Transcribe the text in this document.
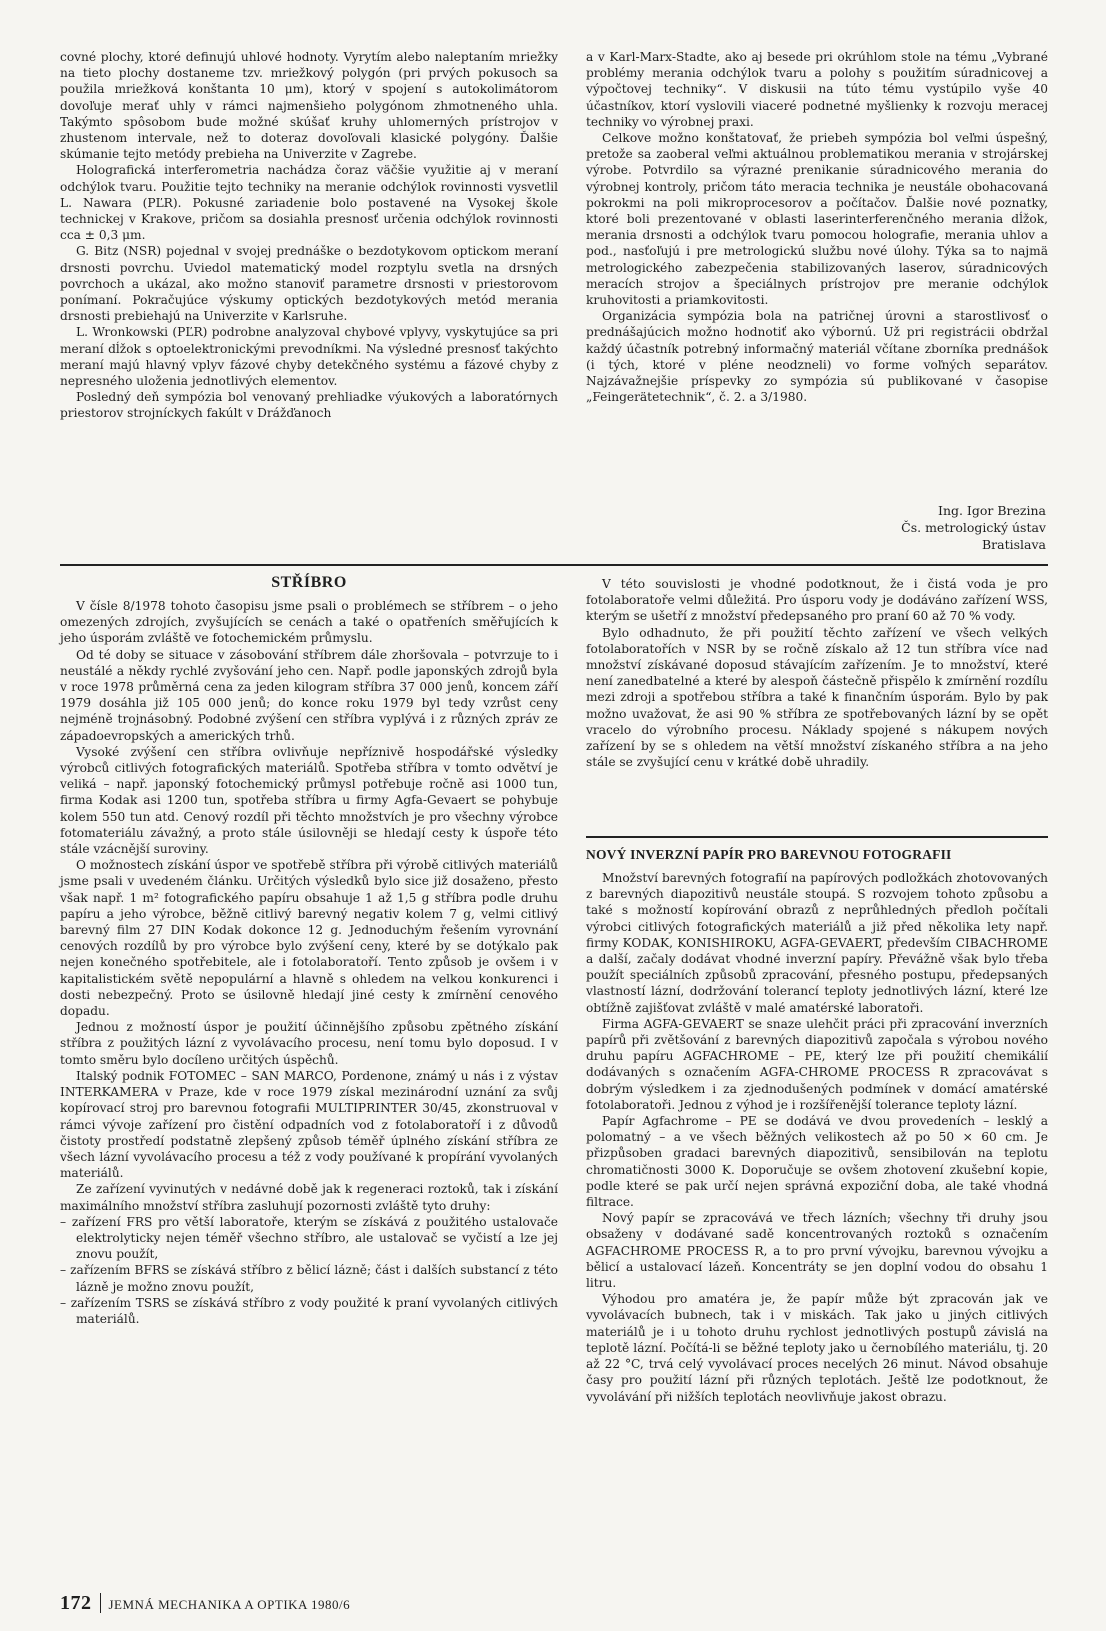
covné plochy, ktoré definujú uhlové hodnoty. Vyrytím alebo naleptaním mriežky na tieto plochy dostaneme tzv. mriežkový polygón (pri prvých pokusoch sa použila mriežková konštanta 10 μm), ktorý v spojení s autokolimátorom dovoľuje merať uhly v rámci najmenšieho polygónom zhmotneného uhla. Takýmto spôsobom bude možné skúšať kruhy uhlomerných prístrojov v zhustenom intervale, než to doteraz dovoľovali klasické polygóny. Ďalšie skúmanie tejto metódy prebieha na Univerzite v Zagrebe.

Holografická interferometria nachádza čoraz väčšie využitie aj v meraní odchýlok tvaru. Použitie tejto techniky na meranie odchýlok rovinnosti vysvetlil L. Nawara (PĽR). Pokusné zariadenie bolo postavené na Vysokej škole technickej v Krakove, pričom sa dosiahla presnosť určenia odchýlok rovinnosti cca ± 0,3 μm.

G. Bitz (NSR) pojednal v svojej prednáške o bezdotykovom optickom meraní drsnosti povrchu. Uviedol matematický model rozptylu svetla na drsných povrchoch a ukázal, ako možno stanoviť parametre drsnosti v priestorovom ponímaní. Pokračujúce výskumy optických bezdotykových metód merania drsnosti prebiehajú na Univerzite v Karlsruhe.

L. Wronkowski (PĽR) podrobne analyzoval chybové vplyvy, vyskytujúce sa pri meraní dĺžok s optoelektronickými prevodníkmi. Na výsledné presnosť takýchto meraní majú hlavný vplyv fázové chyby detekčného systému a fázové chyby z nepresného uloženia jednotlivých elementov.

Posledný deň sympózia bol venovaný prehliadke výukových a laboratórnych priestorov strojníckych fakúlt v Drážďanoch

a v Karl-Marx-Stadte, ako aj besede pri okrúhlom stole na tému „Vybrané problémy merania odchýlok tvaru a polohy s použitím súradnicovej a výpočtovej techniky“. V diskusii na túto tému vystúpilo vyše 40 účastníkov, ktorí vyslovili viaceré podnetné myšlienky k rozvoju meracej techniky vo výrobnej praxi.

Celkove možno konštatovať, že priebeh sympózia bol veľmi úspešný, pretože sa zaoberal veľmi aktuálnou problematikou merania v strojárskej výrobe. Potvrdilo sa výrazné prenikanie súradnicového merania do výrobnej kontroly, pričom táto meracia technika je neustále obohacovaná pokrokmi na poli mikroprocesorov a počítačov. Ďalšie nové poznatky, ktoré boli prezentované v oblasti laserinterferenčného merania dĺžok, merania drsnosti a odchýlok tvaru pomocou holografie, merania uhlov a pod., nasťoľujú i pre metrologickú službu nové úlohy. Týka sa to najmä metrologického zabezpečenia stabilizovaných laserov, súradnicových meracích strojov a špeciálnych prístrojov pre meranie odchýlok kruhovitosti a priamkovitosti.

Organizácia sympózia bola na patričnej úrovni a starostlivosť o prednášajúcich možno hodnotiť ako výbornú. Už pri registrácii obdržal každý účastník potrebný informačný materiál včítane zborníka prednášok (i tých, ktoré v pléne neodzneli) vo forme voľných separátov. Najzávažnejšie príspevky zo sympózia sú publikované v časopise „Feingerätetechnik“, č. 2. a 3/1980.

Ing. Igor Brezina
Čs. metrologický ústav
Bratislava
STŘÍBRO

V čísle 8/1978 tohoto časopisu jsme psali o problémech se stříbrem – o jeho omezených zdrojích, zvyšujících se cenách a také o opatřeních směřujících k jeho úsporám zvláště ve fotochemickém průmyslu.

Od té doby se situace v zásobování stříbrem dále zhoršovala – potvrzuje to i neustálé a někdy rychlé zvyšování jeho cen. Např. podle japonských zdrojů byla v roce 1978 průměrná cena za jeden kilogram stříbra 37 000 jenů, koncem září 1979 dosáhla již 105 000 jenů; do konce roku 1979 byl tedy vzrůst ceny nejméně trojnásobný. Podobné zvýšení cen stříbra vyplývá i z různých zpráv ze západoevropských a amerických trhů.

Vysoké zvýšení cen stříbra ovlivňuje nepříznivě hospodářské výsledky výrobců citlivých fotografických materiálů. Spotřeba stříbra v tomto odvětví je veliká – např. japonský fotochemický průmysl potřebuje ročně asi 1000 tun, firma Kodak asi 1200 tun, spotřeba stříbra u firmy Agfa-Gevaert se pohybuje kolem 550 tun atd. Cenový rozdíl při těchto množstvích je pro všechny výrobce fotomateriálu závažný, a proto stále úsilovněji se hledají cesty k úspoře této stále vzácnější suroviny.

O možnostech získání úspor ve spotřebě stříbra při výrobě citlivých materiálů jsme psali v uvedeném článku. Určitých výsledků bylo sice již dosaženo, přesto však např. 1 m² fotografického papíru obsahuje 1 až 1,5 g stříbra podle druhu papíru a jeho výrobce, běžně citlivý barevný negativ kolem 7 g, velmi citlivý barevný film 27 DIN Kodak dokonce 12 g. Jednoduchým řešením vyrovnání cenových rozdílů by pro výrobce bylo zvýšení ceny, které by se dotýkalo pak nejen konečného spotřebitele, ale i fotolaboratoří. Tento způsob je ovšem i v kapitalistickém světě nepopulární a hlavně s ohledem na velkou konkurenci i dosti nebezpečný. Proto se úsilovně hledají jiné cesty k zmírnění cenového dopadu.

Jednou z možností úspor je použití účinnějšího způsobu zpětného získání stříbra z použitých lázní z vyvolávacího procesu, není tomu bylo doposud. I v tomto směru bylo docíleno určitých úspěchů.

Italský podnik FOTOMEC – SAN MARCO, Pordenone, známý u nás i z výstav INTERKAMERA v Praze, kde v roce 1979 získal mezinárodní uznání za svůj kopírovací stroj pro barevnou fotografii MULTIPRINTER 30/45, zkonstruoval v rámci vývoje zařízení pro čistění odpadních vod z fotolaboratoří i z důvodů čistoty prostředí podstatně zlepšený způsob téměř úplného získání stříbra ze všech lázní vyvolávacího procesu a též z vody používané k propírání vyvolaných materiálů.

Ze zařízení vyvinutých v nedávné době jak k regeneraci roztoků, tak i získání maximálního množství stříbra zasluhují pozornosti zvláště tyto druhy:

– zařízení FRS pro větší laboratoře, kterým se získává z použitého ustalovače elektrolyticky nejen téměř všechno stříbro, ale ustalovač se vyčistí a lze jej znovu použít,
– zařízením BFRS se získává stříbro z bělicí lázně; část i dalších substancí z této lázně je možno znovu použít,
– zařízením TSRS se získává stříbro z vody použité k praní vyvolaných citlivých materiálů.

V této souvislosti je vhodné podotknout, že i čistá voda je pro fotolaboratoře velmi důležitá. Pro úsporu vody je dodáváno zařízení WSS, kterým se ušetří z množství předepsaného pro praní 60 až 70 % vody.

Bylo odhadnuto, že při použití těchto zařízení ve všech velkých fotolaboratořích v NSR by se ročně získalo až 12 tun stříbra více nad množství získávané doposud stávajícím zařízením. Je to množství, které není zanedbatelné a které by alespoň částečně přispělo k zmírnění rozdílu mezi zdroji a spotřebou stříbra a také k finančním úsporám. Bylo by pak možno uvažovat, že asi 90 % stříbra ze spotřebovaných lázní by se opět vracelo do výrobního procesu. Náklady spojené s nákupem nových zařízení by se s ohledem na větší množství získaného stříbra a na jeho stále se zvyšující cenu v krátké době uhradily.

NOVÝ INVERZNÍ PAPÍR PRO BAREVNOU FOTOGRAFII

Množství barevných fotografií na papírových podložkách zhotovovaných z barevných diapozitivů neustále stoupá. S rozvojem tohoto způsobu a také s možností kopírování obrazů z neprůhledných předloh počítali výrobci citlivých fotografických materiálů a již před několika lety např. firmy KODAK, KONISHIROKU, AGFA-GEVAERT, především CIBACHROME a další, začaly dodávat vhodné inverzní papíry. Převážně však bylo třeba použít speciálních způsobů zpracování, přesného postupu, předepsaných vlastností lázní, dodržování tolerancí teploty jednotlivých lázní, které lze obtížně zajišťovat zvláště v malé amatérské laboratoři.

Firma AGFA-GEVAERT se snaze ulehčit práci při zpracování inverzních papírů při zvětšování z barevných diapozitivů započala s výrobou nového druhu papíru AGFACHROME – PE, který lze při použití chemikálií dodávaných s označením AGFA-CHROME PROCESS R zpracovávat s dobrým výsledkem i za zjednodušených podmínek v domácí amatérské fotolaboratoři. Jednou z výhod je i rozšířenější tolerance teploty lázní.

Papír Agfachrome – PE se dodává ve dvou provedeních – lesklý a polomatný – a ve všech běžných velikostech až po 50 × 60 cm. Je přizpůsoben gradaci barevných diapozitivů, sensibilován na teplotu chromatičnosti 3000 K. Doporučuje se ovšem zhotovení zkušební kopie, podle které se pak určí nejen správná expoziční doba, ale také vhodná filtrace.

Nový papír se zpracovává ve třech lázních; všechny tři druhy jsou obsaženy v dodávané sadě koncentrovaných roztoků s označením AGFACHROME PROCESS R, a to pro první vývojku, barevnou vývojku a bělicí a ustalovací lázeň. Koncentráty se jen doplní vodou do obsahu 1 litru.

Výhodou pro amatéra je, že papír může být zpracován jak ve vyvolávacích bubnech, tak i v miskách. Tak jako u jiných citlivých materiálů je i u tohoto druhu rychlost jednotlivých postupů závislá na teplotě lázní. Počítá-li se běžné teploty jako u černobílého materiálu, tj. 20 až 22 °C, trvá celý vyvolávací proces necelých 26 minut. Návod obsahuje časy pro použití lázní při různých teplotách. Ještě lze podotknout, že vyvolávání při nižších teplotách neovlivňuje jakost obrazu.

172 JEMNÁ MECHANIKA A OPTIKA 1980/6
